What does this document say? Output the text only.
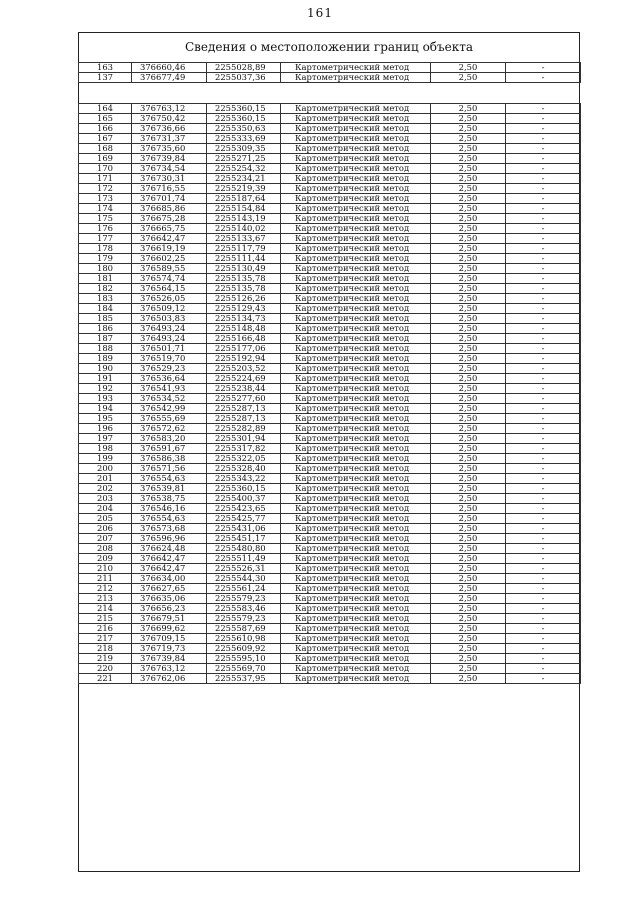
161
Сведения о местоположении границ объекта
163	376660,46	2255028,89	Картометрический метод	2,50	-
137	376677,49	2255037,36	Картометрический метод	2,50	-
164	376763,12	2255360,15	Картометрический метод	2,50	-
165	376750,42	2255360,15	Картометрический метод	2,50	-
166	376736,66	2255350,63	Картометрический метод	2,50	-
167	376731,37	2255333,69	Картометрический метод	2,50	-
168	376735,60	2255309,35	Картометрический метод	2,50	-
169	376739,84	2255271,25	Картометрический метод	2,50	-
170	376734,54	2255254,32	Картометрический метод	2,50	-
171	376730,31	2255234,21	Картометрический метод	2,50	-
172	376716,55	2255219,39	Картометрический метод	2,50	-
173	376701,74	2255187,64	Картометрический метод	2,50	-
174	376685,86	2255154,84	Картометрический метод	2,50	-
175	376675,28	2255143,19	Картометрический метод	2,50	-
176	376665,75	2255140,02	Картометрический метод	2,50	-
177	376642,47	2255133,67	Картометрический метод	2,50	-
178	376619,19	2255117,79	Картометрический метод	2,50	-
179	376602,25	2255111,44	Картометрический метод	2,50	-
180	376589,55	2255130,49	Картометрический метод	2,50	-
181	376574,74	2255135,78	Картометрический метод	2,50	-
182	376564,15	2255135,78	Картометрический метод	2,50	-
183	376526,05	2255126,26	Картометрический метод	2,50	-
184	376509,12	2255129,43	Картометрический метод	2,50	-
185	376503,83	2255134,73	Картометрический метод	2,50	-
186	376493,24	2255148,48	Картометрический метод	2,50	-
187	376493,24	2255166,48	Картометрический метод	2,50	-
188	376501,71	2255177,06	Картометрический метод	2,50	-
189	376519,70	2255192,94	Картометрический метод	2,50	-
190	376529,23	2255203,52	Картометрический метод	2,50	-
191	376536,64	2255224,69	Картометрический метод	2,50	-
192	376541,93	2255238,44	Картометрический метод	2,50	-
193	376534,52	2255277,60	Картометрический метод	2,50	-
194	376542,99	2255287,13	Картометрический метод	2,50	-
195	376555,69	2255287,13	Картометрический метод	2,50	-
196	376572,62	2255282,89	Картометрический метод	2,50	-
197	376583,20	2255301,94	Картометрический метод	2,50	-
198	376591,67	2255317,82	Картометрический метод	2,50	-
199	376586,38	2255322,05	Картометрический метод	2,50	-
200	376571,56	2255328,40	Картометрический метод	2,50	-
201	376554,63	2255343,22	Картометрический метод	2,50	-
202	376539,81	2255360,15	Картометрический метод	2,50	-
203	376538,75	2255400,37	Картометрический метод	2,50	-
204	376546,16	2255423,65	Картометрический метод	2,50	-
205	376554,63	2255425,77	Картометрический метод	2,50	-
206	376573,68	2255431,06	Картометрический метод	2,50	-
207	376596,96	2255451,17	Картометрический метод	2,50	-
208	376624,48	2255480,80	Картометрический метод	2,50	-
209	376642,47	2255511,49	Картометрический метод	2,50	-
210	376642,47	2255526,31	Картометрический метод	2,50	-
211	376634,00	2255544,30	Картометрический метод	2,50	-
212	376627,65	2255561,24	Картометрический метод	2,50	-
213	376635,06	2255579,23	Картометрический метод	2,50	-
214	376656,23	2255583,46	Картометрический метод	2,50	-
215	376679,51	2255579,23	Картометрический метод	2,50	-
216	376699,62	2255587,69	Картометрический метод	2,50	-
217	376709,15	2255610,98	Картометрический метод	2,50	-
218	376719,73	2255609,92	Картометрический метод	2,50	-
219	376739,84	2255595,10	Картометрический метод	2,50	-
220	376763,12	2255569,70	Картометрический метод	2,50	-
221	376762,06	2255537,95	Картометрический метод	2,50	-
